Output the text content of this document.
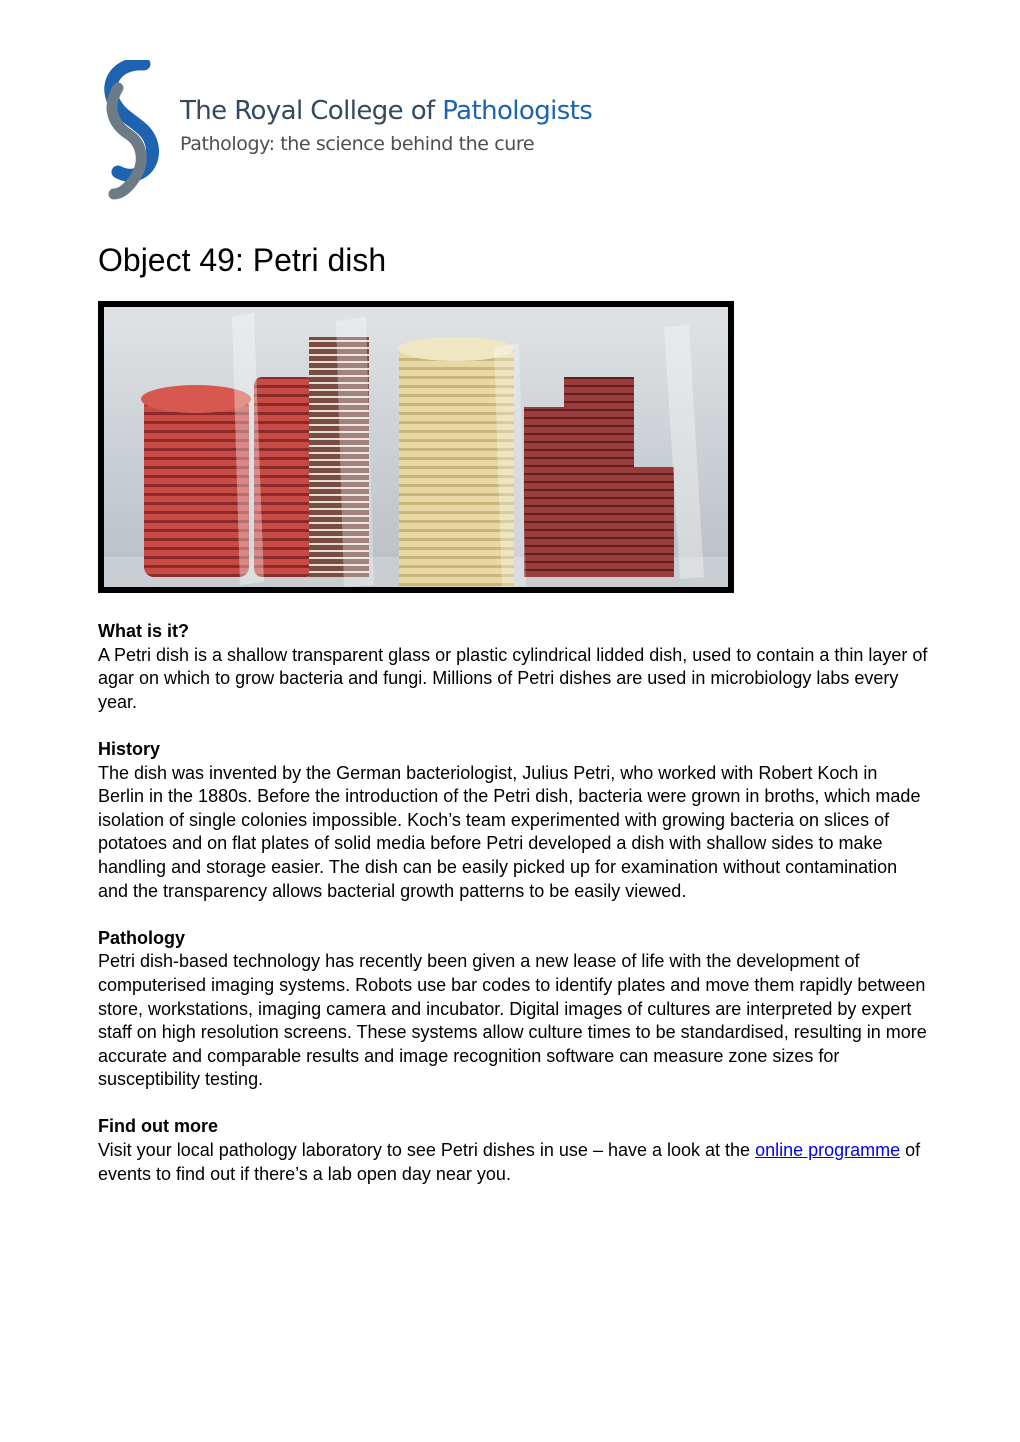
The Royal College of Pathologists
Pathology: the science behind the cure
Object 49: Petri dish
What is it?

A Petri dish is a shallow transparent glass or plastic cylindrical lidded dish, used to contain a thin layer of agar on which to grow bacteria and fungi. Millions of Petri dishes are used in microbiology labs every year.

History

The dish was invented by the German bacteriologist, Julius Petri, who worked with Robert Koch in Berlin in the 1880s. Before the introduction of the Petri dish, bacteria were grown in broths, which made isolation of single colonies impossible. Koch’s team experimented with growing bacteria on slices of potatoes and on flat plates of solid media before Petri developed a dish with shallow sides to make handling and storage easier. The dish can be easily picked up for examination without contamination and the transparency allows bacterial growth patterns to be easily viewed.

Pathology

Petri dish-based technology has recently been given a new lease of life with the development of computerised imaging systems. Robots use bar codes to identify plates and move them rapidly between store, workstations, imaging camera and incubator. Digital images of cultures are interpreted by expert staff on high resolution screens. These systems allow culture times to be standardised, resulting in more accurate and comparable results and image recognition software can measure zone sizes for susceptibility testing.

Find out more

Visit your local pathology laboratory to see Petri dishes in use – have a look at the online programme of events to find out if there’s a lab open day near you.
